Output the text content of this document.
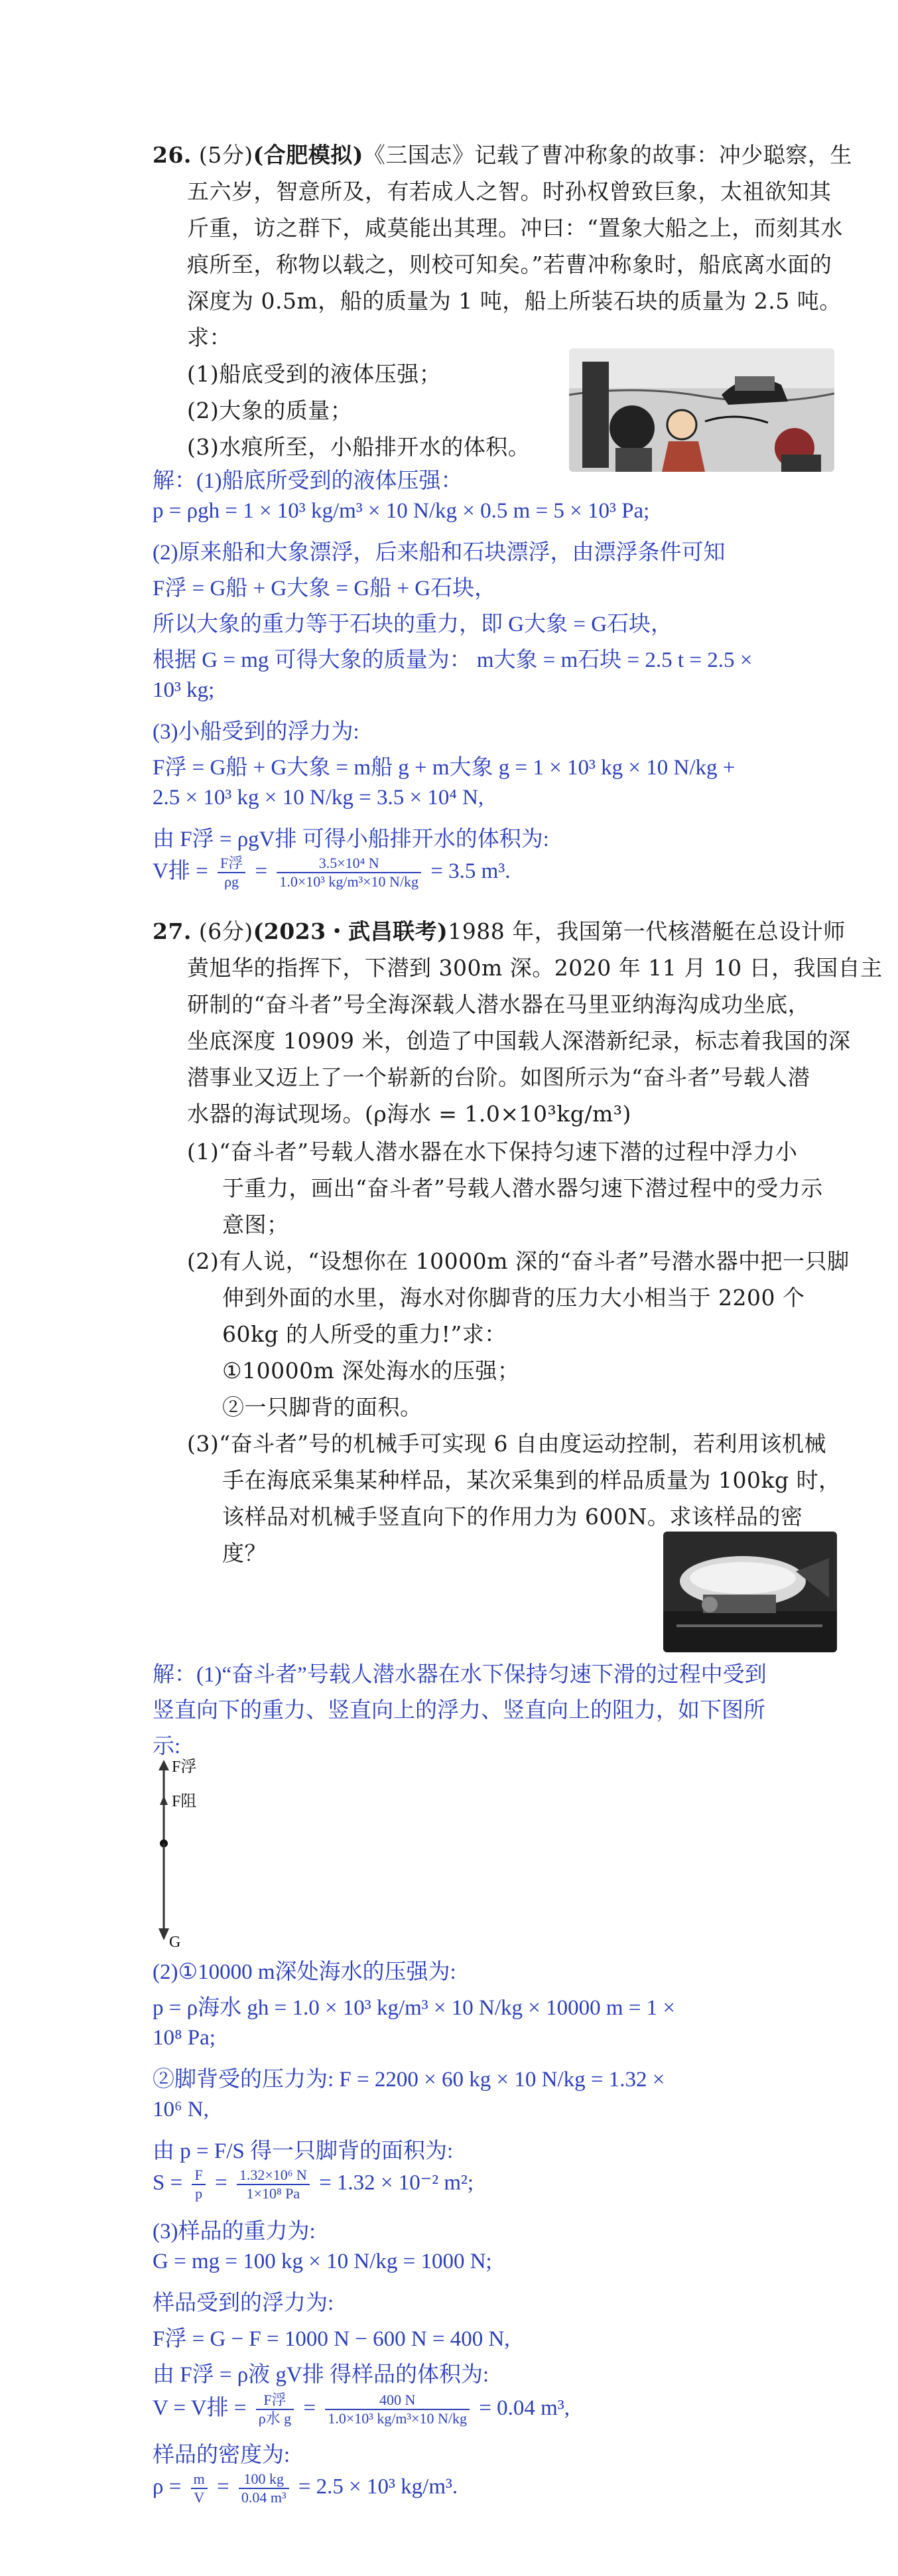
26. (5分)(合肥模拟)《三国志》记载了曹冲称象的故事：冲少聪察，生
五六岁，智意所及，有若成人之智。时孙权曾致巨象，太祖欲知其
斤重，访之群下，咸莫能出其理。冲曰：“置象大船之上，而刻其水
痕所至，称物以载之，则校可知矣。”若曹冲称象时，船底离水面的
深度为 0.5m，船的质量为 1 吨，船上所装石块的质量为 2.5 吨。
求：
(1)船底受到的液体压强；
(2)大象的质量；
(3)水痕所至，小船排开水的体积。
解：(1)船底所受到的液体压强：
p = ρgh = 1 × 10³ kg/m³ × 10 N/kg × 0.5 m = 5 × 10³ Pa;
(2)原来船和大象漂浮，后来船和石块漂浮，由漂浮条件可知
F浮 = G船 + G大象 = G船 + G石块，
所以大象的重力等于石块的重力，即 G大象 = G石块，
根据 G = mg 可得大象的质量为： m大象 = m石块 = 2.5 t = 2.5 ×
10³ kg;
(3)小船受到的浮力为:
F浮 = G船 + G大象 = m船 g + m大象 g = 1 × 10³ kg × 10 N/kg +
2.5 × 10³ kg × 10 N/kg = 3.5 × 10⁴ N,
由 F浮 = ρgV排 可得小船排开水的体积为:
V排 = $\frac{\text{F浮}}{\rho g} = \frac{\text{3.5×10⁴ N}}{\text{1.0×10³ kg/m³×10 N/kg}} = 3.5$ m³.
27. (6分)(2023・武昌联考)1988 年，我国第一代核潜艇在总设计师
黄旭华的指挥下，下潜到 300m 深。2020 年 11 月 10 日，我国自主
研制的“奋斗者”号全海深载人潜水器在马里亚纳海沟成功坐底，
坐底深度 10909 米，创造了中国载人深潜新纪录，标志着我国的深
潜事业又迈上了一个崭新的台阶。如图所示为“奋斗者”号载人潜
水器的海试现场。(ρ海水 = 1.0×10³kg/m³)
(1)“奋斗者”号载人潜水器在水下保持匀速下潜的过程中浮力小
于重力，画出“奋斗者”号载人潜水器匀速下潜过程中的受力示
意图；
(2)有人说，“设想你在 10000m 深的“奋斗者”号潜水器中把一只脚
伸到外面的水里，海水对你脚背的压力大小相当于 2200 个
60kg 的人所受的重力!”求：
①10000m 深处海水的压强；
②一只脚背的面积。
(3)“奋斗者”号的机械手可实现 6 自由度运动控制，若利用该机械
手在海底采集某种样品，某次采集到的样品质量为 100kg 时，
该样品对机械手竖直向下的作用力为 600N。求该样品的密
度？
解：(1)“奋斗者”号载人潜水器在水下保持匀速下滑的过程中受到
竖直向下的重力、竖直向上的浮力、竖直向上的阻力，如下图所
示:
F浮
F阻
G
(2)①10000 m深处海水的压强为:
p = ρ海水 gh = 1.0 × 10³ kg/m³ × 10 N/kg × 10000 m = 1 ×
10⁸ Pa;
②脚背受的压力为: F = 2200 × 60 kg × 10 N/kg = 1.32 ×
10⁶ N,
由 p = F/S 得一只脚背的面积为:
$S = \frac{F}{p} = \frac{\text{1.32×10⁶ N}}{\text{1×10⁸ Pa}} = 1.32 \times 10^{-2}$ m²;
(3)样品的重力为:
G = mg = 100 kg × 10 N/kg = 1000 N;
样品受到的浮力为:
F浮 = G − F = 1000 N − 600 N = 400 N,
由 F浮 = ρ液 gV排 得样品的体积为:
V = V排 = $\frac{\text{F浮}}{\text{ρ水 g}} = \frac{400 N}{\text{1.0×10³ kg/m³×10 N/kg}} = 0.04$ m³,
样品的密度为:
$\rho = \frac{m}{V} = \frac{100 kg}{\text{0.04 m³}} = 2.5 \times 10^3$ kg/m³.
